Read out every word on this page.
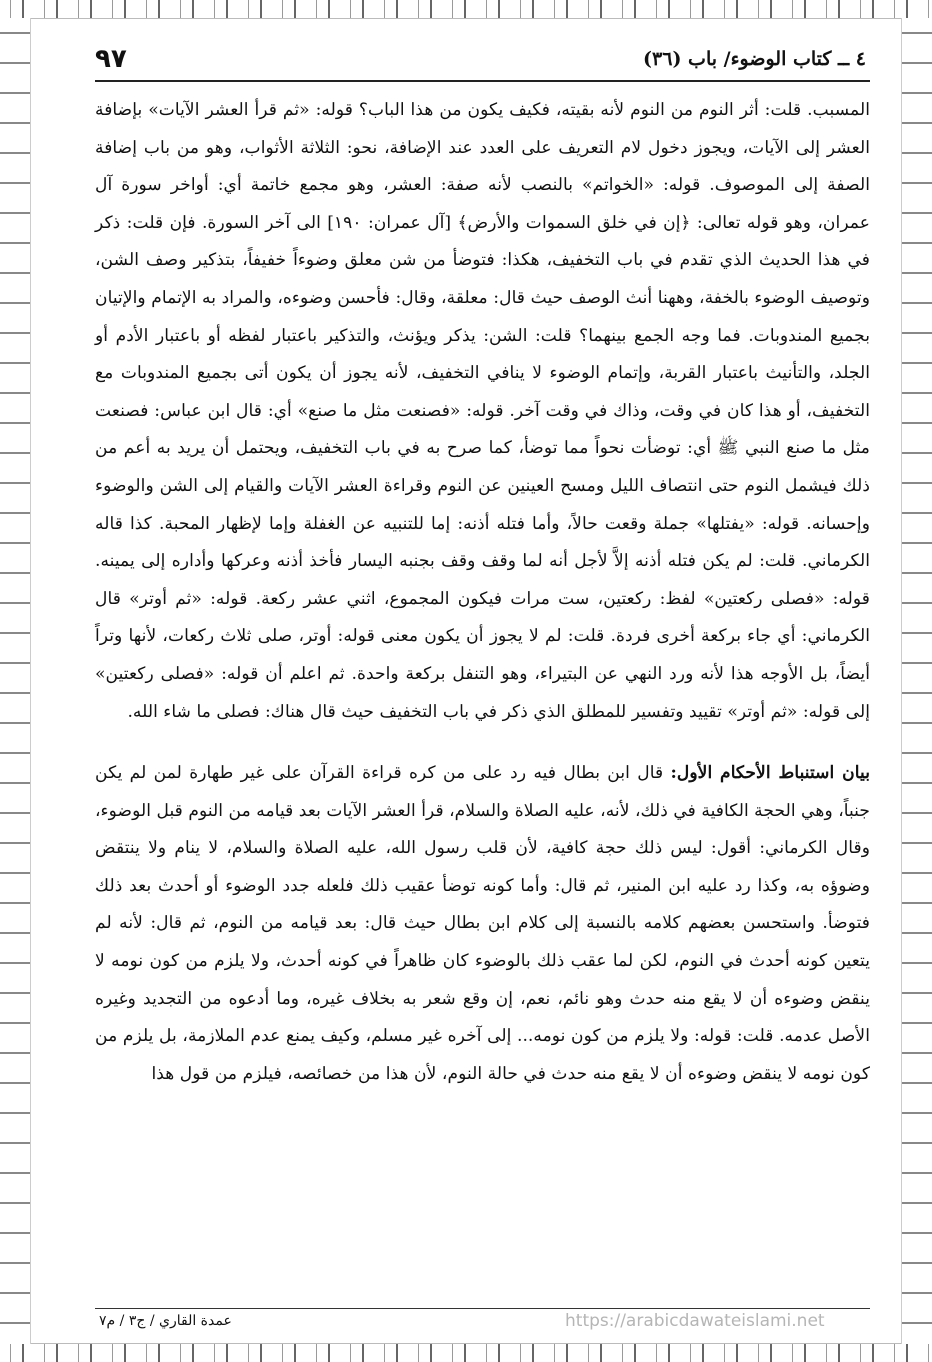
٩٧	٤ ــ كتاب الوضوء/ باب (٣٦)

المسبب. قلت: أثر النوم من النوم لأنه بقيته، فكيف يكون من هذا الباب؟ قوله: «ثم قرأ العشر الآيات» بإضافة العشر إلى الآيات، ويجوز دخول لام التعريف على العدد عند الإضافة، نحو: الثلاثة الأثواب، وهو من باب إضافة الصفة إلى الموصوف. قوله: «الخواتم» بالنصب لأنه صفة: العشر، وهو مجمع خاتمة أي: أواخر سورة آل عمران، وهو قوله تعالى: ﴿إن في خلق السموات والأرض﴾ [آل عمران: ١٩٠] الى آخر السورة. فإن قلت: ذكر في هذا الحديث الذي تقدم في باب التخفيف، هكذا: فتوضأ من شن معلق وضوءاً خفيفاً، بتذكير وصف الشن، وتوصيف الوضوء بالخفة، وههنا أنث الوصف حيث قال: معلقة، وقال: فأحسن وضوءه، والمراد به الإتمام والإتيان بجميع المندوبات. فما وجه الجمع بينهما؟ قلت: الشن: يذكر ويؤنث، والتذكير باعتبار لفظه أو باعتبار الأدم أو الجلد، والتأنيث باعتبار القربة، وإتمام الوضوء لا ينافي التخفيف، لأنه يجوز أن يكون أتى بجميع المندوبات مع التخفيف، أو هذا كان في وقت، وذاك في وقت آخر. قوله: «فصنعت مثل ما صنع» أي: قال ابن عباس: فصنعت مثل ما صنع النبي ﷺ أي: توضأت نحواً مما توضأ، كما صرح به في باب التخفيف، ويحتمل أن يريد به أعم من ذلك فيشمل النوم حتى انتصاف الليل ومسح العينين عن النوم وقراءة العشر الآيات والقيام إلى الشن والوضوء وإحسانه. قوله: «يفتلها» جملة وقعت حالاً، وأما فتله أذنه: إما للتنبيه عن الغفلة وإما لإظهار المحبة. كذا قاله الكرماني. قلت: لم يكن فتله أذنه إلاَّ لأجل أنه لما وقف وقف بجنبه اليسار فأخذ أذنه وعركها وأداره إلى يمينه. قوله: «فصلى ركعتين» لفظ: ركعتين، ست مرات فيكون المجموع، اثني عشر ركعة. قوله: «ثم أوتر» قال الكرماني: أي جاء بركعة أخرى فردة. قلت: لم لا يجوز أن يكون معنى قوله: أوتر، صلى ثلاث ركعات، لأنها وتراً أيضاً، بل الأوجه هذا لأنه ورد النهي عن البتيراء، وهو التنفل بركعة واحدة. ثم اعلم أن قوله: «فصلى ركعتين» إلى قوله: «ثم أوتر» تقييد وتفسير للمطلق الذي ذكر في باب التخفيف حيث قال هناك: فصلى ما شاء الله.

بيان استنباط الأحكام الأول: قال ابن بطال فيه رد على من كره قراءة القرآن على غير طهارة لمن لم يكن جنباً، وهي الحجة الكافية في ذلك، لأنه، عليه الصلاة والسلام، قرأ العشر الآيات بعد قيامه من النوم قبل الوضوء، وقال الكرماني: أقول: ليس ذلك حجة كافية، لأن قلب رسول الله، عليه الصلاة والسلام، لا ينام ولا ينتقض وضوؤه به، وكذا رد عليه ابن المنير، ثم قال: وأما كونه توضأ عقيب ذلك فلعله جدد الوضوء أو أحدث بعد ذلك فتوضأ. واستحسن بعضهم كلامه بالنسبة إلى كلام ابن بطال حيث قال: بعد قيامه من النوم، ثم قال: لأنه لم يتعين كونه أحدث في النوم، لكن لما عقب ذلك بالوضوء كان ظاهراً في كونه أحدث، ولا يلزم من كون نومه لا ينقض وضوءه أن لا يقع منه حدث وهو نائم، نعم، إن وقع شعر به بخلاف غيره، وما أدعوه من التجديد وغيره الأصل عدمه. قلت: قوله: ولا يلزم من كون نومه... إلى آخره غير مسلم، وكيف يمنع عدم الملازمة، بل يلزم من كون نومه لا ينقض وضوءه أن لا يقع منه حدث في حالة النوم، لأن هذا من خصائصه، فيلزم من قول هذا

عمدة القاري / ج٣ / م٧	https://arabicdawateislami.net
